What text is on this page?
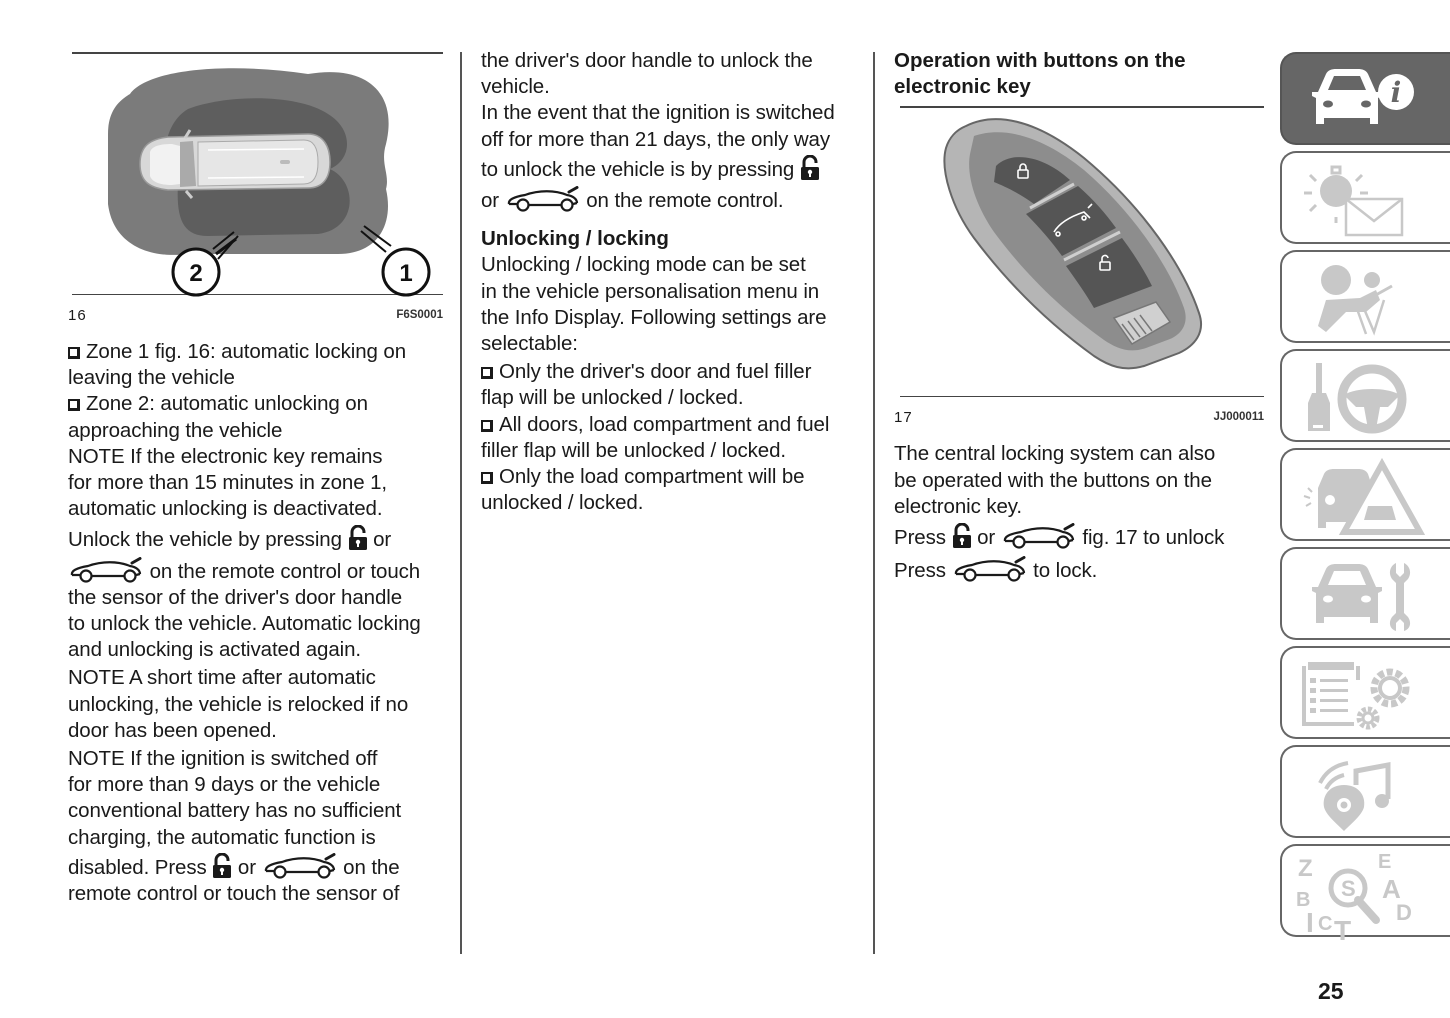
2	1
16	F6S0001
Zone 1 fig. 16: automatic locking on
leaving the vehicle
Zone 2: automatic unlocking on
approaching the vehicle
NOTE If the electronic key remains
for more than 15 minutes in zone 1,
automatic unlocking is deactivated.
Unlock the vehicle by pressing or
on the remote control or touch
the sensor of the driver's door handle
to unlock the vehicle. Automatic locking
and unlocking is activated again.
NOTE A short time after automatic
unlocking, the vehicle is relocked if no
door has been opened.
NOTE If the ignition is switched off
for more than 9 days or the vehicle
conventional battery has no sufficient
charging, the automatic function is
disabled. Press or	on the
remote control or touch the sensor of
the driver's door handle to unlock the
vehicle.
In the event that the ignition is switched
off for more than 21 days, the only way
to unlock the vehicle is by pressing
or	on the remote control.
Unlocking / locking
Unlocking / locking mode can be set
in the vehicle personalisation menu in
the Info Display. Following settings are
selectable:
Only the driver's door and fuel filler
flap will be unlocked / locked.
All doors, load compartment and fuel
filler flap will be unlocked / locked.
Only the load compartment will be
unlocked / locked.
Operation with buttons on the
electronic key
17	JJ000011
The central locking system can also
be operated with the buttons on the
electronic key.
Press or	fig. 17 to unlock
Press	to lock.
i
Z
B
I C T
E
A
D
S
25
